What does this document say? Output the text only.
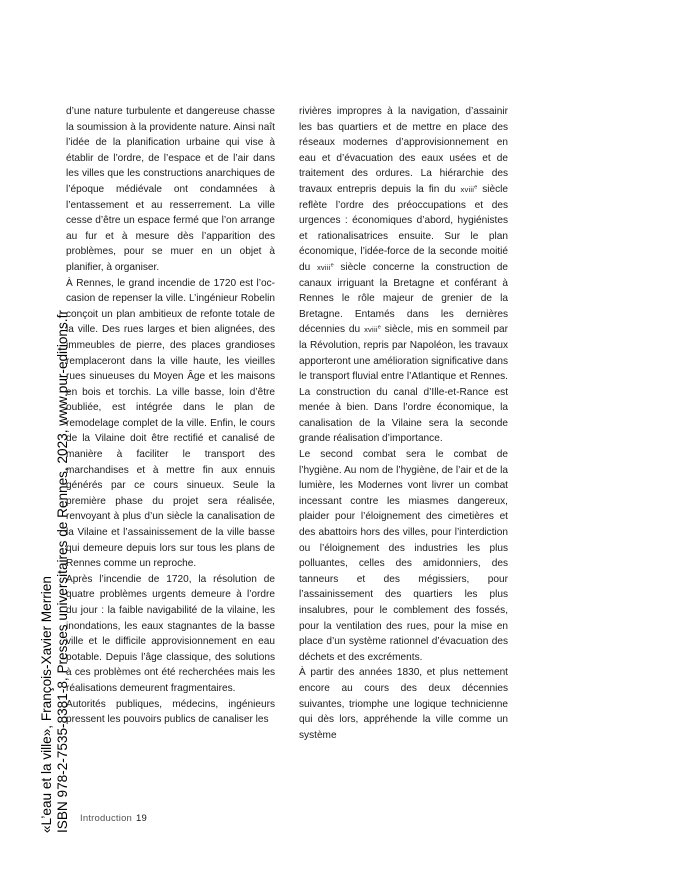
d’une nature turbulente et dangereuse chasse la soumission à la providente nature. Ainsi naît l’idée de la planification urbaine qui vise à établir de l’ordre, de l’espace et de l’air dans les villes que les constructions anarchiques de l’époque médiévale ont condamnées à l’entassement et au resserrement. La ville cesse d’être un espace fermé que l’on arrange au fur et à mesure dès l’apparition des problèmes, pour se muer en un objet à planifier, à organiser.

À Rennes, le grand incendie de 1720 est l’occasion de repenser la ville. L’ingénieur Robelin conçoit un plan ambitieux de refonte totale de la ville. Des rues larges et bien alignées, des immeubles de pierre, des places grandioses remplaceront dans la ville haute, les vieilles rues sinueuses du Moyen Âge et les maisons en bois et torchis. La ville basse, loin d’être oubliée, est intégrée dans le plan de remodelage complet de la ville. Enfin, le cours de la Vilaine doit être rectifié et canalisé de manière à faciliter le transport des marchandises et à mettre fin aux ennuis générés par ce cours sinueux. Seule la première phase du projet sera réalisée, renvoyant à plus d’un siècle la canalisation de la Vilaine et l’assainissement de la ville basse qui demeure depuis lors sur tous les plans de Rennes comme un reproche.

Après l’incendie de 1720, la résolution de quatre problèmes urgents demeure à l’ordre du jour : la faible navigabilité de la vilaine, les inondations, les eaux stagnantes de la basse ville et le difficile approvisionnement en eau potable. Depuis l’âge classique, des solutions à ces problèmes ont été recherchées mais les réalisations demeurent fragmentaires.

Autorités publiques, médecins, ingénieurs pressent les pouvoirs publics de canaliser les

rivières impropres à la navigation, d’assainir les bas quartiers et de mettre en place des réseaux modernes d’approvisionnement en eau et d’évacuation des eaux usées et de traitement des ordures. La hiérarchie des travaux entrepris depuis la fin du xviii$^e$ siècle reflète l’ordre des préoccupations et des urgences : économiques d’abord, hygiénistes et rationalisatrices ensuite. Sur le plan économique, l’idée-force de la seconde moitié du xviii$^e$ siècle concerne la construction de canaux irriguant la Bretagne et conférant à Rennes le rôle majeur de grenier de la Bretagne. Entamés dans les dernières décennies du xviii$^e$ siècle, mis en sommeil par la Révolution, repris par Napoléon, les travaux apporteront une amélioration significative dans le transport fluvial entre l’Atlantique et Rennes. La construction du canal d’Ille-et-Rance est menée à bien. Dans l’ordre économique, la canalisation de la Vilaine sera la seconde grande réalisation d’importance.

Le second combat sera le combat de l’hygiène. Au nom de l’hygiène, de l’air et de la lumière, les Modernes vont livrer un combat incessant contre les miasmes dangereux, plaider pour l’éloignement des cimetières et des abattoirs hors des villes, pour l’interdiction ou l’éloignement des industries les plus polluantes, celles des amidonniers, des tanneurs et des mégissiers, pour l’assainissement des quartiers les plus insalubres, pour le comblement des fossés, pour la ventilation des rues, pour la mise en place d’un système rationnel d’évacuation des déchets et des excréments.

À partir des années 1830, et plus nettement encore au cours des deux décennies suivantes, triomphe une logique technicienne qui dès lors, appréhende la ville comme un système

Introduction 19
«L’eau et la ville», François-Xavier Merrien ISBN 978-2-7535-8381-8, Presses universitaires de Rennes, 2023, www.pur-editions.fr
